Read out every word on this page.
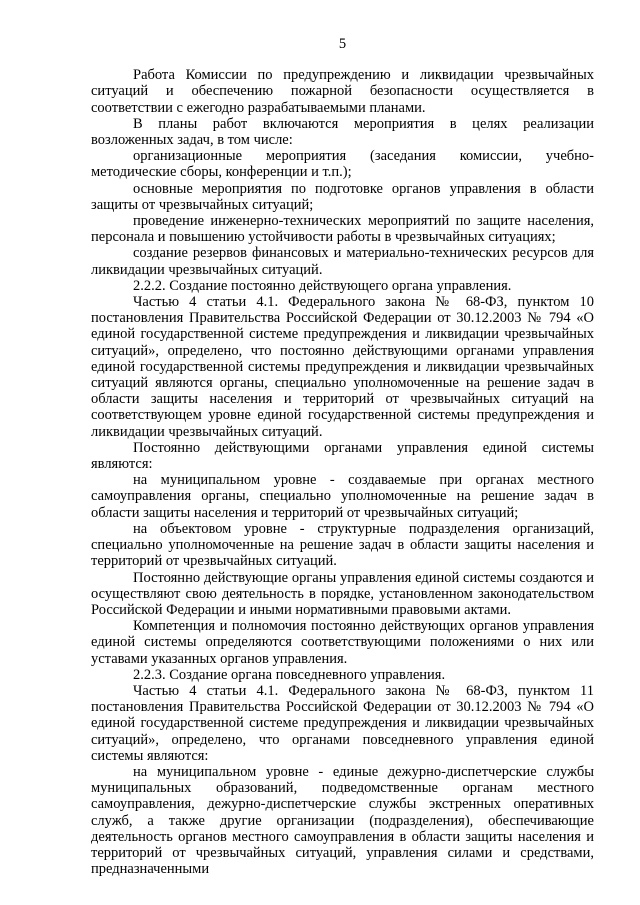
5

Работа Комиссии по предупреждению и ликвидации чрезвычайных ситуаций и обеспечению пожарной безопасности осуществляется в соответствии с ежегодно разрабатываемыми планами.

В планы работ включаются мероприятия в целях реализации возложенных задач, в том числе:

организационные мероприятия (заседания комиссии, учебно-методические сборы, конференции и т.п.);

основные мероприятия по подготовке органов управления в области защиты от чрезвычайных ситуаций;

проведение инженерно-технических мероприятий по защите населения, персонала и повышению устойчивости работы в чрезвычайных ситуациях;

создание резервов финансовых и материально-технических ресурсов для ликвидации чрезвычайных ситуаций.

2.2.2. Создание постоянно действующего органа управления.

Частью 4 статьи 4.1. Федерального закона № 68-ФЗ, пунктом 10 постановления Правительства Российской Федерации от 30.12.2003 № 794 «О единой государственной системе предупреждения и ликвидации чрезвычайных ситуаций», определено, что постоянно действующими органами управления единой государственной системы предупреждения и ликвидации чрезвычайных ситуаций являются органы, специально уполномоченные на решение задач в области защиты населения и территорий от чрезвычайных ситуаций на соответствующем уровне единой государственной системы предупреждения и ликвидации чрезвычайных ситуаций.

Постоянно действующими органами управления единой системы являются:

на муниципальном уровне - создаваемые при органах местного самоуправления органы, специально уполномоченные на решение задач в области защиты населения и территорий от чрезвычайных ситуаций;

на объектовом уровне - структурные подразделения организаций, специально уполномоченные на решение задач в области защиты населения и территорий от чрезвычайных ситуаций.

Постоянно действующие органы управления единой системы создаются и осуществляют свою деятельность в порядке, установленном законодательством Российской Федерации и иными нормативными правовыми актами.

Компетенция и полномочия постоянно действующих органов управления единой системы определяются соответствующими положениями о них или уставами указанных органов управления.

2.2.3. Создание органа повседневного управления.

Частью 4 статьи 4.1. Федерального закона № 68-ФЗ, пунктом 11 постановления Правительства Российской Федерации от 30.12.2003 № 794 «О единой государственной системе предупреждения и ликвидации чрезвычайных ситуаций», определено, что органами повседневного управления единой системы являются:

на муниципальном уровне - единые дежурно-диспетчерские службы муниципальных образований, подведомственные органам местного самоуправления, дежурно-диспетчерские службы экстренных оперативных служб, а также другие организации (подразделения), обеспечивающие деятельность органов местного самоуправления в области защиты населения и территорий от чрезвычайных ситуаций, управления силами и средствами, предназначенными
